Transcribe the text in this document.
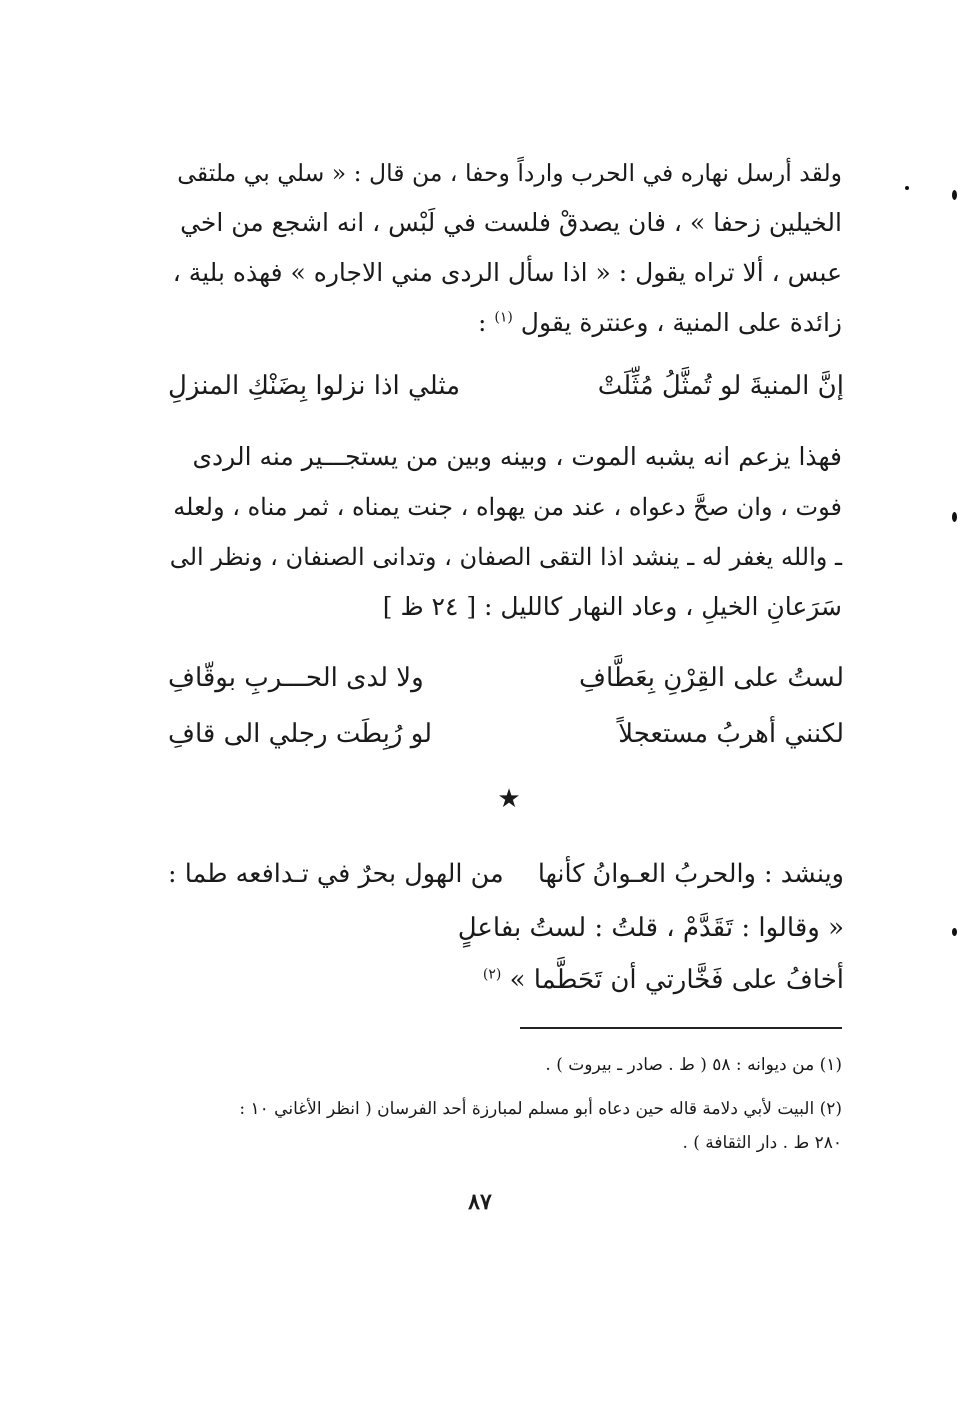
ولقد أرسل نهاره في الحرب وارداً وحفا ، من قال : « سلي بي ملتقى
الخيلين زحفا » ، فان يصدقْ فلست في لَبْس ، انه اشجع من اخي
عبس ، ألا تراه يقول : « اذا سأل الردى مني الاجاره » فهذه بلية ،
زائدة على المنية ، وعنترة يقول $^{(١)}$ :
إنَّ المنيةَ لو تُمثَّلُ مُثِّلَتْ
مثلي اذا نزلوا بِضَنْكِ المنزلِ
فهذا يزعم انه يشبه الموت ، وبينه وبين من يستجـــير منه الردى
فوت ، وان صحَّ دعواه ، عند من يهواه ، جنت يمناه ، ثمر مناه ، ولعله
ـ والله يغفر له ـ ينشد اذا التقى الصفان ، وتدانى الصنفان ، ونظر الى
سَرَعانِ الخيلِ ، وعاد النهار كالليل : [ ٢٤ ظ ]
لستُ على القِرْنِ بِعَطَّافِ
ولا لدى الحـــربِ بوقّافِ
لكنني أهربُ مستعجلاً
لو رُبِطَت رجلي الى قافِ
★
وينشد : والحربُ العـوانُ كأنها
من الهول بحرٌ في تـدافعه طما :
« وقالوا : تَقَدَّمْ ، قلتُ : لستُ بفاعلٍ
أخافُ على فَخَّارتي أن تَحَطَّما » $^{(٢)}$
(١) من ديوانه : ٥٨ ( ط . صادر ـ بيروت ) .
(٢) البيت لأبي دلامة قاله حين دعاه أبو مسلم لمبارزة أحد الفرسان ( انظر الأغاني ١٠ :
٢٨٠ ط . دار الثقافة ) .
٨٧
